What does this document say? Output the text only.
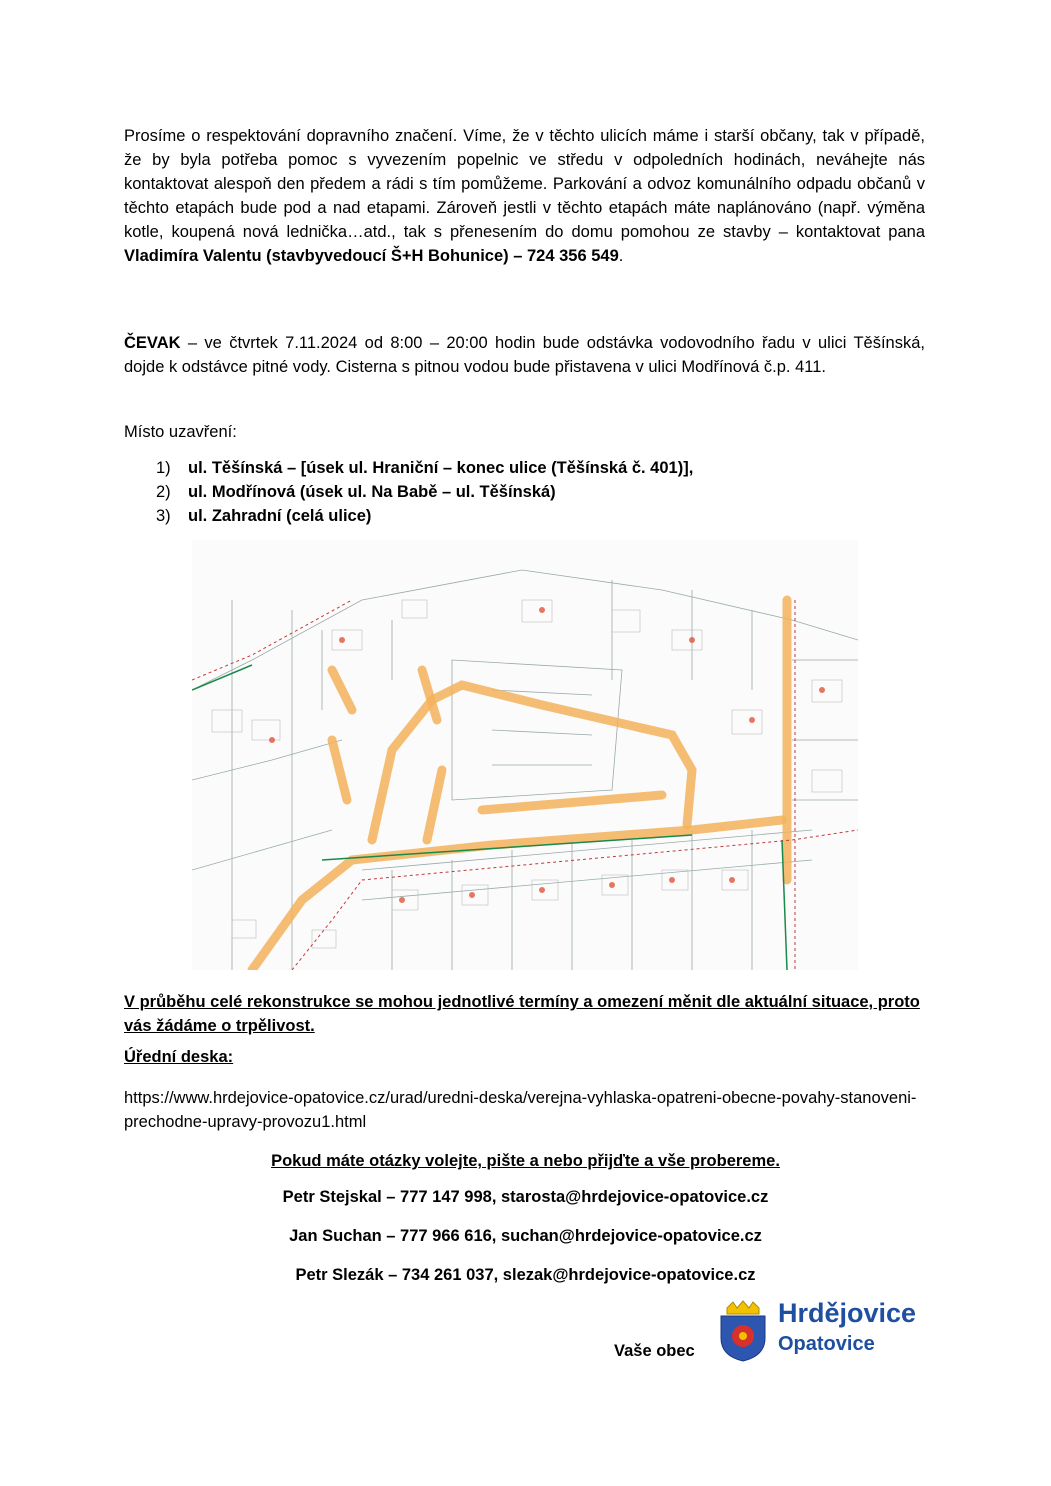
Prosíme o respektování dopravního značení. Víme, že v těchto ulicích máme i starší občany, tak v případě, že by byla potřeba pomoc s vyvezením popelnic ve středu v odpoledních hodinách, neváhejte nás kontaktovat alespoň den předem a rádi s tím pomůžeme. Parkování a odvoz komunálního odpadu občanů v těchto etapách bude pod a nad etapami. Zároveň jestli v těchto etapách máte naplánováno (např. výměna kotle, koupená nová lednička…atd., tak s přenesením do domu pomohou ze stavby – kontaktovat pana Vladimíra Valentu (stavbyvedoucí Š+H Bohunice) – 724 356 549.
ČEVAK – ve čtvrtek 7.11.2024 od 8:00 – 20:00 hodin bude odstávka vodovodního řadu v ulici Těšínská, dojde k odstávce pitné vody. Cisterna s pitnou vodou bude přistavena v ulici Modřínová č.p. 411.
Místo uzavření:
1)	ul. Těšínská – [úsek ul. Hraniční – konec ulice (Těšínská č. 401)],
2)	ul. Modřínová (úsek ul. Na Babě – ul. Těšínská)
3)	ul. Zahradní (celá ulice)
V průběhu celé rekonstrukce se mohou jednotlivé termíny a omezení měnit dle aktuální situace, proto vás žádáme o trpělivost.
Úřední deska:
https://www.hrdejovice-opatovice.cz/urad/uredni-deska/verejna-vyhlaska-opatreni-obecne-povahy-stanoveni-prechodne-upravy-provozu1.html
Pokud máte otázky volejte, pište a nebo přijďte a vše probereme.
Petr Stejskal – 777 147 998, starosta@hrdejovice-opatovice.cz
Jan Suchan – 777 966 616, suchan@hrdejovice-opatovice.cz
Petr Slezák – 734 261 037, slezak@hrdejovice-opatovice.cz
Vaše obec
Hrdějovice
Opatovice
